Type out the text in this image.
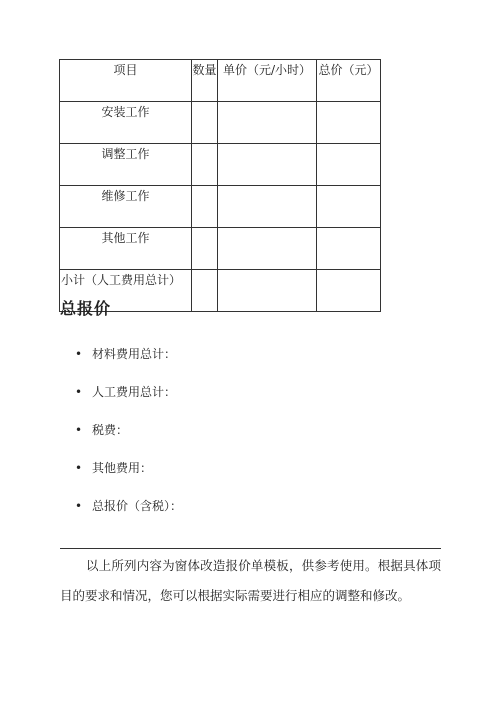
项目	数量	单价（元/小时）	总价（元）
安装工作			
调整工作			
维修工作			
其他工作			
小计（人工费用总计）			
总报价
• 材料费用总计：
• 人工费用总计：
• 税费：
• 其他费用：
• 总报价（含税）：

以上所列内容为窗体改造报价单模板，供参考使用。根据具体项目的要求和情况，您可以根据实际需要进行相应的调整和修改。
